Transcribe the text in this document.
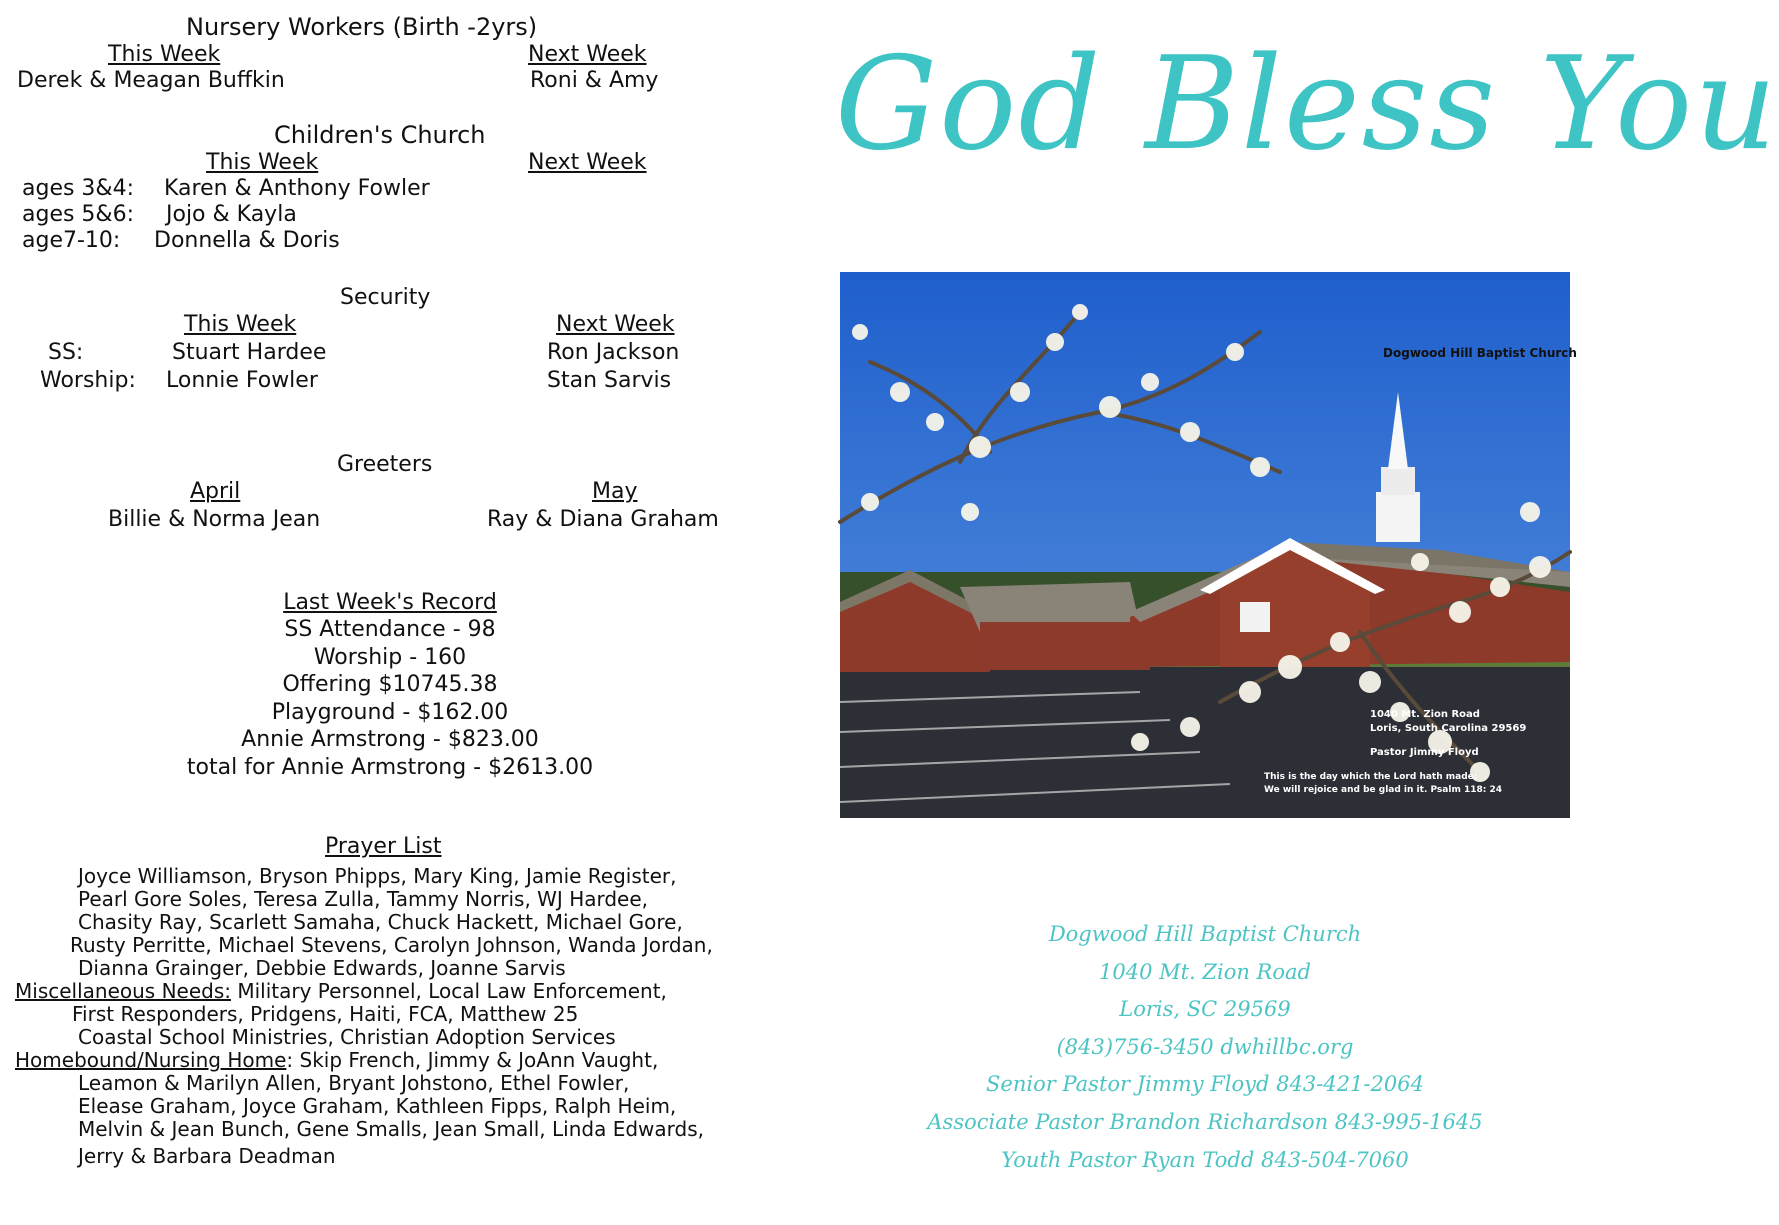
Nursery Workers (Birth -2yrs)
This Week	Next Week
Derek & Meagan Buffkin	Roni & Amy
Children's Church
This Week	Next Week
ages 3&4: Karen & Anthony Fowler
ages 5&6: Jojo & Kayla
age7-10: Donnella & Doris
Security
This Week	Next Week
SS:	Stuart Hardee	Ron Jackson
Worship: Lonnie Fowler	Stan Sarvis
Greeters
April	May
Billie & Norma Jean	Ray & Diana Graham
Last Week's Record
SS Attendance - 98
Worship - 160
Offering $10745.38
Playground - $162.00
Annie Armstrong - $823.00
total for Annie Armstrong - $2613.00
Prayer List
Joyce Williamson, Bryson Phipps, Mary King, Jamie Register,
Pearl Gore Soles, Teresa Zulla, Tammy Norris, WJ Hardee,
Chasity Ray, Scarlett Samaha, Chuck Hackett, Michael Gore,
Rusty Perritte, Michael Stevens, Carolyn Johnson, Wanda Jordan,
Dianna Grainger, Debbie Edwards, Joanne Sarvis
Miscellaneous Needs: Military Personnel, Local Law Enforcement,
First Responders, Pridgens, Haiti, FCA, Matthew 25
Coastal School Ministries, Christian Adoption Services
Homebound/Nursing Home: Skip French, Jimmy & JoAnn Vaught,
Leamon & Marilyn Allen, Bryant Johstono, Ethel Fowler,
Elease Graham, Joyce Graham, Kathleen Fipps, Ralph Heim,
Melvin & Jean Bunch, Gene Smalls, Jean Small, Linda Edwards,
Jerry & Barbara Deadman
God Bless You
Dogwood Hill Baptist Church
1040 Mt. Zion Road
Loris, South Carolina 29569
Pastor Jimmy Floyd
This is the day which the Lord hath made;
We will rejoice and be glad in it. Psalm 118: 24
Dogwood Hill Baptist Church
1040 Mt. Zion Road
Loris, SC 29569
(843)756-3450 dwhillbc.org
Senior Pastor Jimmy Floyd 843-421-2064
Associate Pastor Brandon Richardson 843-995-1645
Youth Pastor Ryan Todd 843-504-7060
